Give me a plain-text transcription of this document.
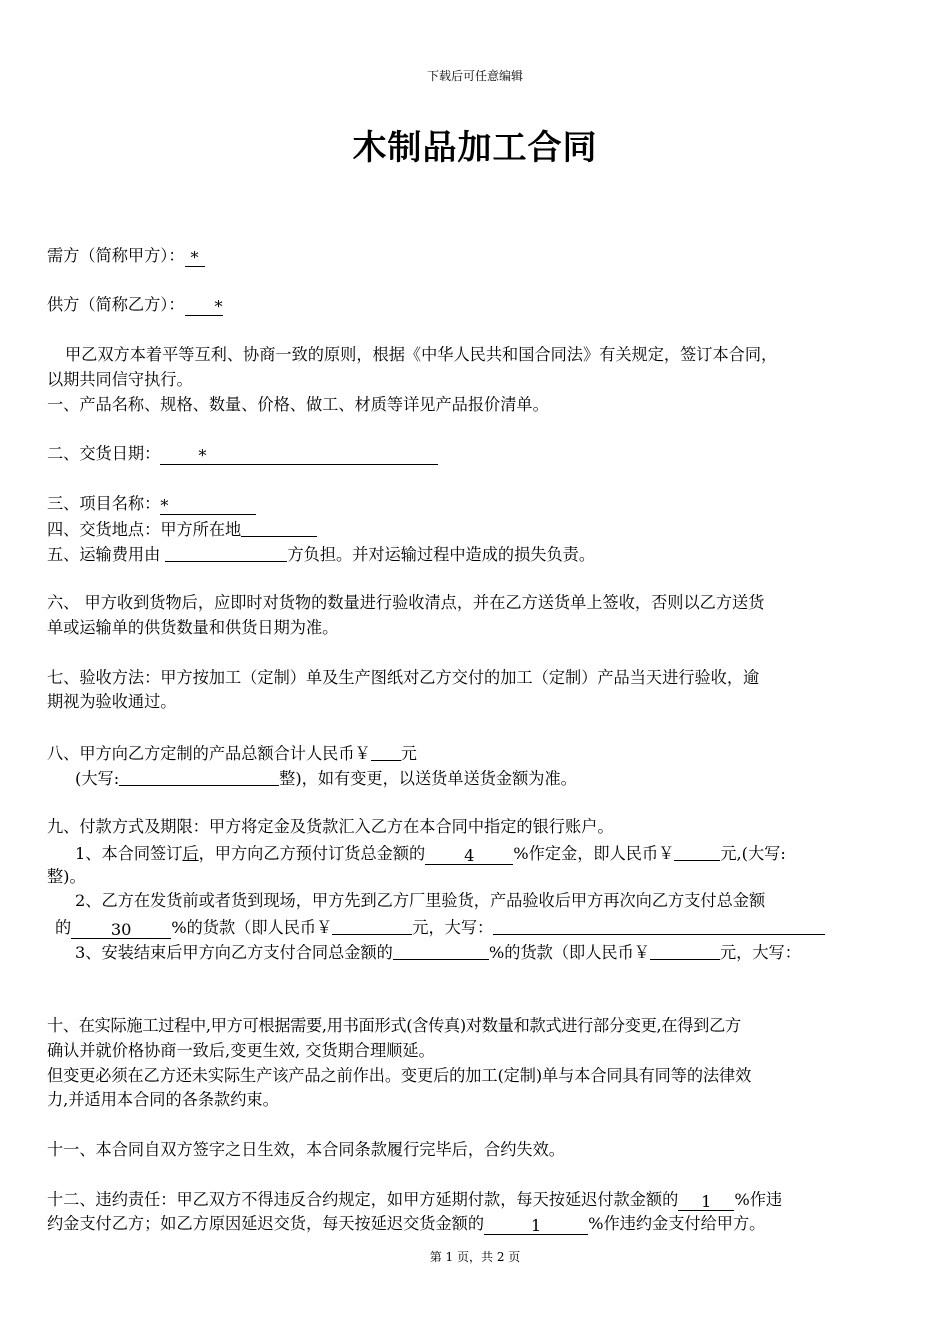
下载后可任意编辑
木制品加工合同
需方（简称甲方）： *
供方（简称乙方）： *
甲乙双方本着平等互利、协商一致的原则，根据《中华人民共和国合同法》有关规定，签订本合同，
以期共同信守执行。
一、产品名称、规格、数量、价格、做工、材质等详见产品报价清单。
二、交货日期： *
三、项目名称：*
四、交货地点：甲方所在地
五、运输费用由	方负担。并对运输过程中造成的损失负责。
六、 甲方收到货物后，应即时对货物的数量进行验收清点，并在乙方送货单上签收，否则以乙方送货
单或运输单的供货数量和供货日期为准。
七、验收方法：甲方按加工（定制）单及生产图纸对乙方交付的加工（定制）产品当天进行验收，逾
期视为验收通过。
八、甲方向乙方定制的产品总额合计人民币￥ 元
(大写:	整)，如有变更，以送货单送货金额为准。
九、付款方式及期限：甲方将定金及货款汇入乙方在本合同中指定的银行账户。
1、本合同签订后，甲方向乙方预付订货总金额的 4 %作定金，即人民币￥	元,(大写:
整)。
2、乙方在发货前或者货到现场，甲方先到乙方厂里验货，产品验收后甲方再次向乙方支付总金额
的 30 %的货款（即人民币￥	元，大写：
3、安装结束后甲方向乙方支付合同总金额的	%的货款（即人民币￥	元，大写：
十、在实际施工过程中,甲方可根据需要,用书面形式(含传真)对数量和款式进行部分变更,在得到乙方
确认并就价格协商一致后,变更生效, 交货期合理顺延。
但变更必须在乙方还未实际生产该产品之前作出。变更后的加工(定制)单与本合同具有同等的法律效
力,并适用本合同的各条款约束。
十一、本合同自双方签字之日生效，本合同条款履行完毕后，合约失效。
十二、违约责任：甲乙双方不得违反合约规定，如甲方延期付款，每天按延迟付款金额的 1 %作违
约金支付乙方；如乙方原因延迟交货，每天按延迟交货金额的	1	%作违约金支付给甲方。
第 1 页，共 2 页
